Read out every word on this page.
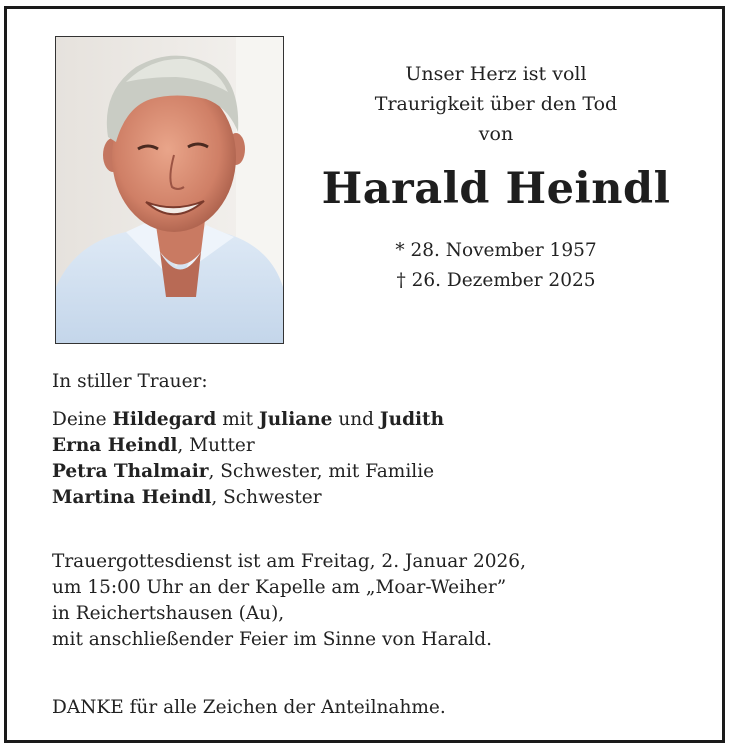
Unser Herz ist voll
Traurigkeit über den Tod
von

Harald Heindl
* 28. November 1957
† 26. Dezember 2025
In stiller Trauer:
Deine Hildegard mit Juliane und Judith
Erna Heindl, Mutter
Petra Thalmair, Schwester, mit Familie
Martina Heindl, Schwester
Trauergottesdienst ist am Freitag, 2. Januar 2026,
um 15:00 Uhr an der Kapelle am „Moar-Weiher”
in Reichertshausen (Au),
mit anschließender Feier im Sinne von Harald.
DANKE für alle Zeichen der Anteilnahme.
